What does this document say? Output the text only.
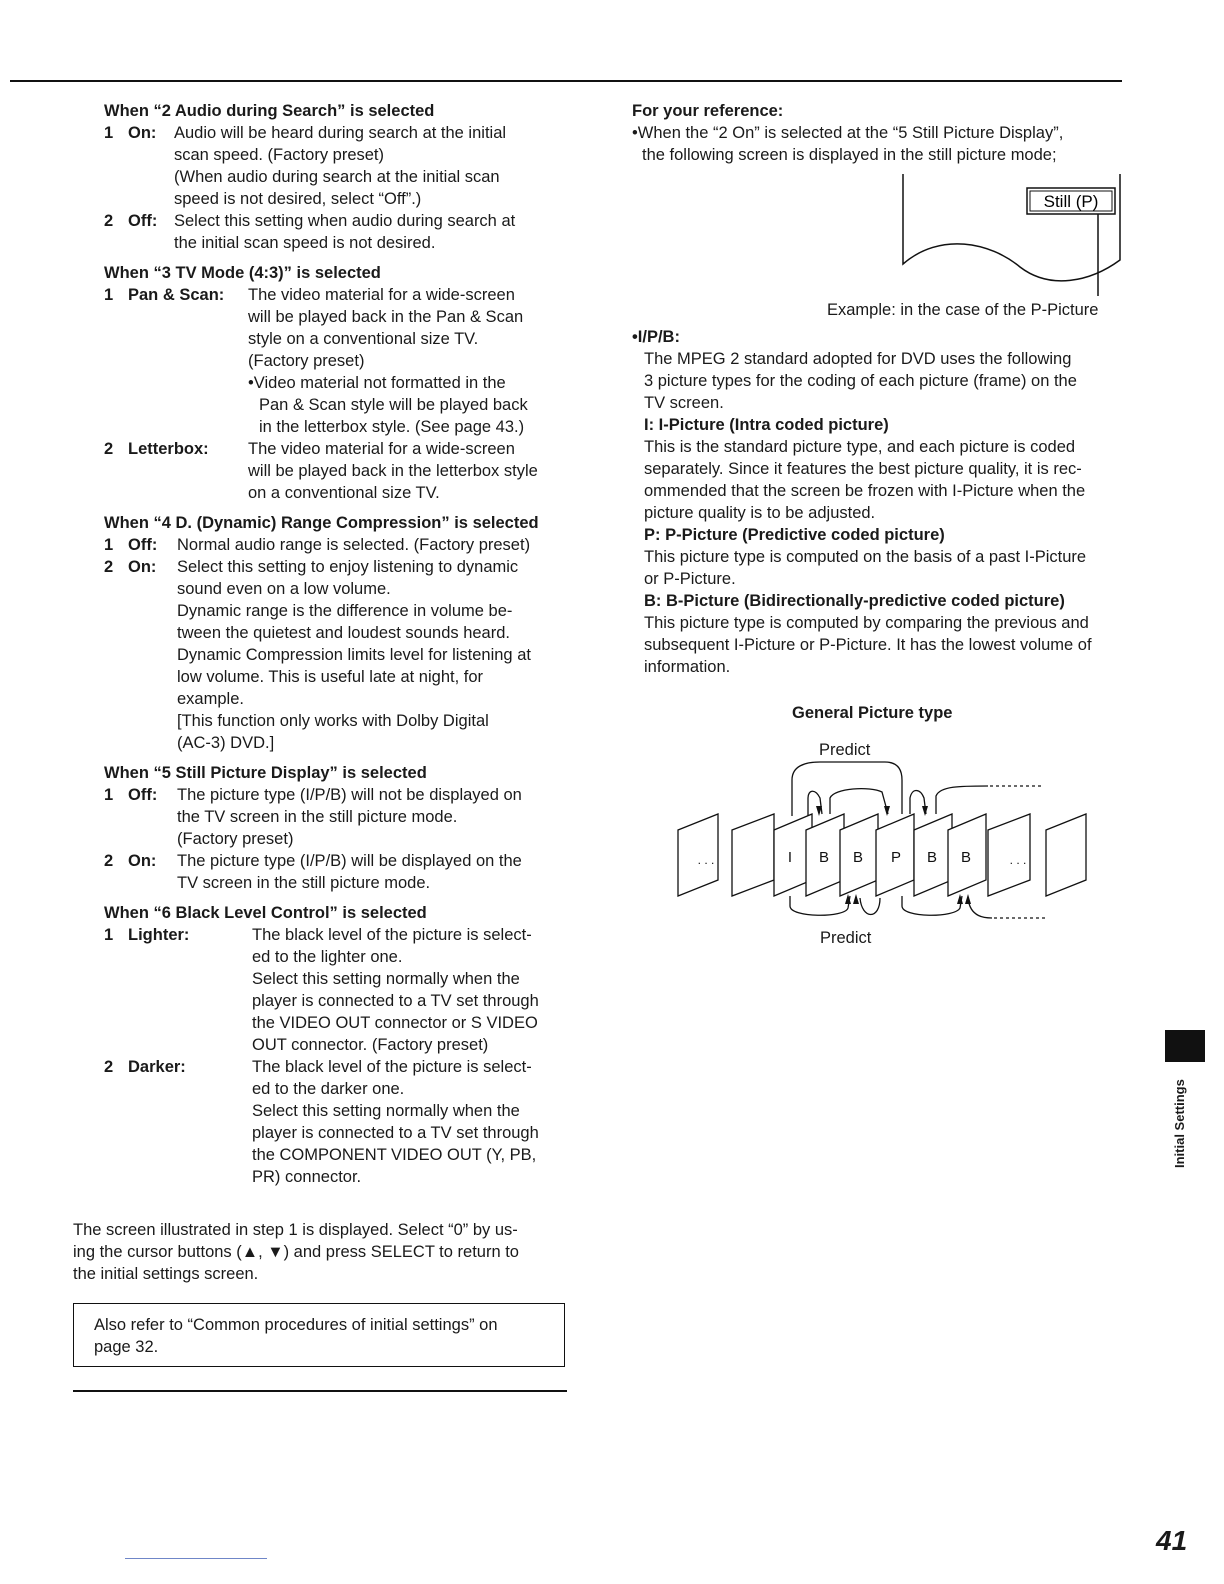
When “2 Audio during Search” is selected
1 On: Audio will be heard during search at the initial

scan speed. (Factory preset)

(When audio during search at the initial scan

speed is not desired, select “Off”.)

2 Off: Select this setting when audio during search at

the initial scan speed is not desired.

When “3 TV Mode (4:3)” is selected
1 Pan & Scan: The video material for a wide-screen

will be played back in the Pan & Scan

style on a conventional size TV.

(Factory preset)

•Video material not formatted in the

Pan & Scan style will be played back

in the letterbox style. (See page 43.)

2 Letterbox: The video material for a wide-screen

will be played back in the letterbox style

on a conventional size TV.

When “4 D. (Dynamic) Range Compression” is selected
1 Off: Normal audio range is selected. (Factory preset)

2 On: Select this setting to enjoy listening to dynamic

sound even on a low volume.

Dynamic range is the difference in volume be-

tween the quietest and loudest sounds heard.

Dynamic Compression limits level for listening at

low volume. This is useful late at night, for

example.

[This function only works with Dolby Digital

(AC-3) DVD.]

When “5 Still Picture Display” is selected
1 Off: The picture type (I/P/B) will not be displayed on

the TV screen in the still picture mode.

(Factory preset)

2 On: The picture type (I/P/B) will be displayed on the

TV screen in the still picture mode.

When “6 Black Level Control” is selected
1 Lighter:	The black level of the picture is select-

ed to the lighter one.

Select this setting normally when the

player is connected to a TV set through

the VIDEO OUT connector or S VIDEO

OUT connector. (Factory preset)

2 Darker:	The black level of the picture is select-

ed to the darker one.

Select this setting normally when the

player is connected to a TV set through

the COMPONENT VIDEO OUT (Y, PB,

PR) connector.

The screen illustrated in step 1 is displayed. Select “0” by us-

ing the cursor buttons (▲, ▼) and press SELECT to return to

the initial settings screen.

Also refer to “Common procedures of initial settings” on

page 32.

For your reference:

•When the “2 On” is selected at the “5 Still Picture Display”,

the following screen is displayed in the still picture mode;

Still (P)
Example: in the case of the P-Picture
•I/P/B:

The MPEG 2 standard adopted for DVD uses the following

3 picture types for the coding of each picture (frame) on the

TV screen.

I: I-Picture (Intra coded picture)

This is the standard picture type, and each picture is coded

separately. Since it features the best picture quality, it is rec-

ommended that the screen be frozen with I-Picture when the

picture quality is to be adjusted.

P: P-Picture (Predictive coded picture)

This picture type is computed on the basis of a past I-Picture

or P-Picture.

B: B-Picture (Bidirectionally-predictive coded picture)

This picture type is computed by comparing the previous and

subsequent I-Picture or P-Picture. It has the lowest volume of

information.

General Picture type
Predict
Predict
I B B P B B
. . .	. . .
Initial Settings
41
